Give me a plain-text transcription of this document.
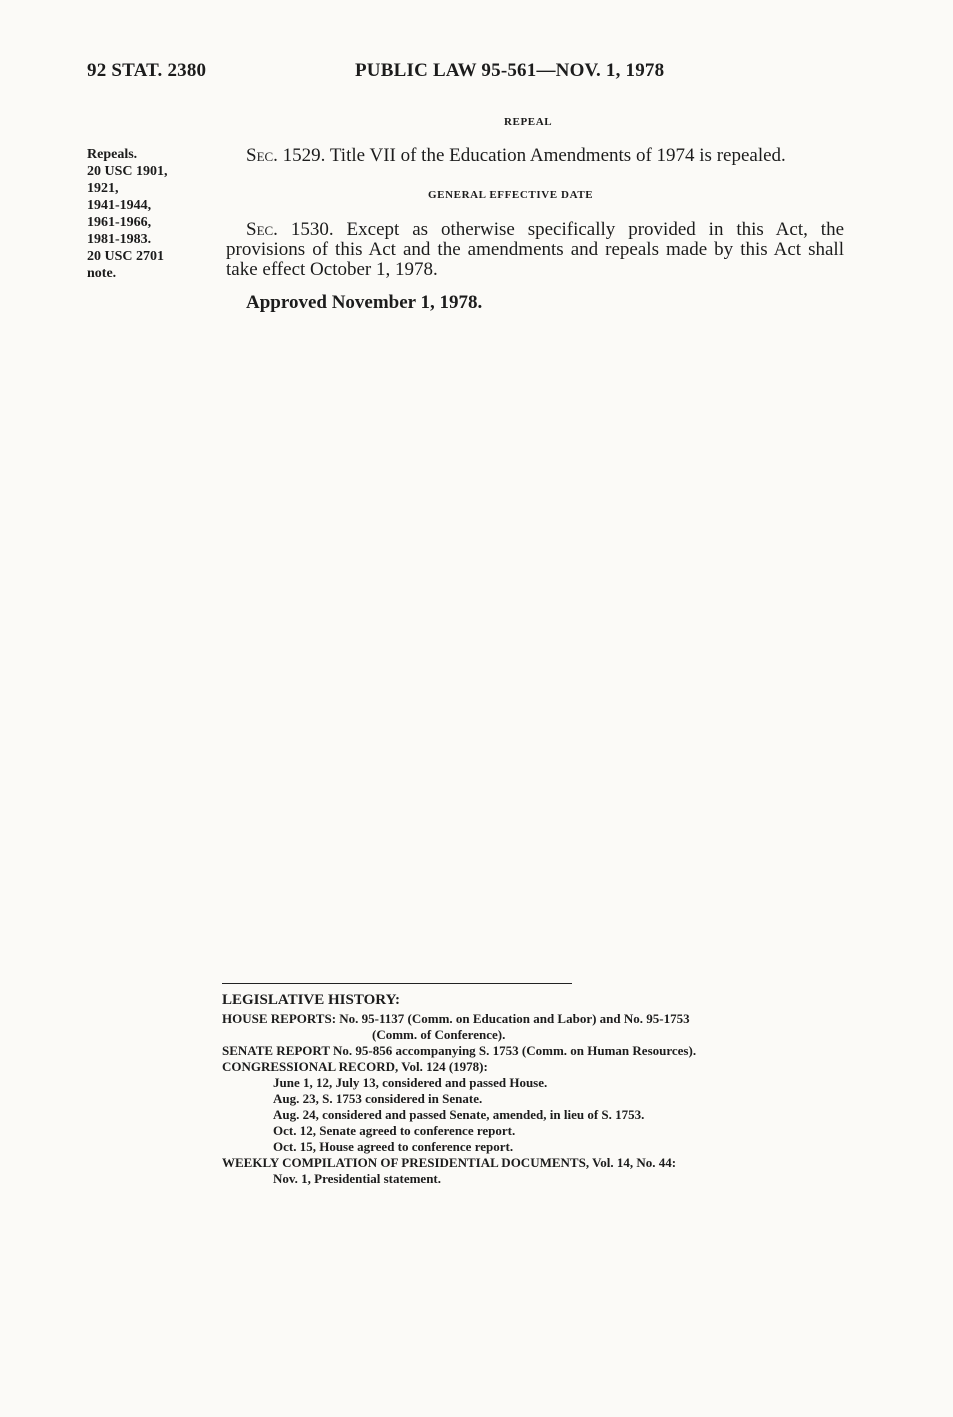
92 STAT. 2380	PUBLIC LAW 95-561—NOV. 1, 1978
Repeals.
20 USC 1901,
1921,
1941-1944,
1961-1966,
1981-1983.
20 USC 2701
note.
REPEAL
Sec. 1529. Title VII of the Education Amendments of 1974 is repealed.
GENERAL EFFECTIVE DATE
Sec. 1530. Except as otherwise specifically provided in this Act, the provisions of this Act and the amendments and repeals made by this Act shall take effect October 1, 1978.
Approved November 1, 1978.
LEGISLATIVE HISTORY:
HOUSE REPORTS: No. 95-1137 (Comm. on Education and Labor) and No. 95-1753
(Comm. of Conference).
SENATE REPORT No. 95-856 accompanying S. 1753 (Comm. on Human Resources).
CONGRESSIONAL RECORD, Vol. 124 (1978):
June 1, 12, July 13, considered and passed House.
Aug. 23, S. 1753 considered in Senate.
Aug. 24, considered and passed Senate, amended, in lieu of S. 1753.
Oct. 12, Senate agreed to conference report.
Oct. 15, House agreed to conference report.
WEEKLY COMPILATION OF PRESIDENTIAL DOCUMENTS, Vol. 14, No. 44:
Nov. 1, Presidential statement.
